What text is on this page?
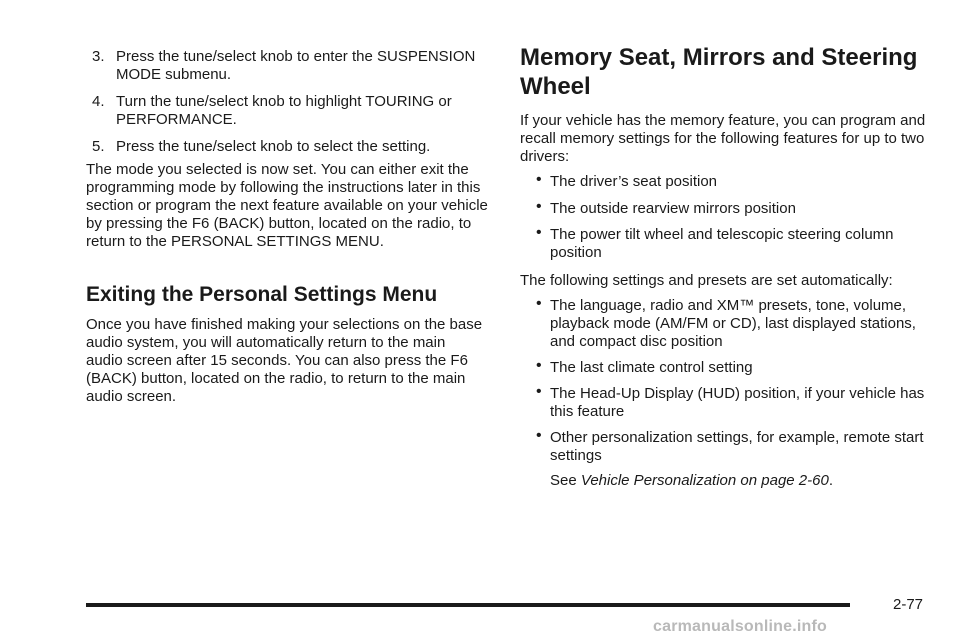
3. Press the tune/select knob to enter the SUSPENSION MODE submenu.
4. Turn the tune/select knob to highlight TOURING or PERFORMANCE.
5. Press the tune/select knob to select the setting.
The mode you selected is now set. You can either exit the programming mode by following the instructions later in this section or program the next feature available on your vehicle by pressing the F6 (BACK) button, located on the radio, to return to the PERSONAL SETTINGS MENU.
Exiting the Personal Settings Menu
Once you have finished making your selections on the base audio system, you will automatically return to the main audio screen after 15 seconds. You can also press the F6 (BACK) button, located on the radio, to return to the main audio screen.
Memory Seat, Mirrors and Steering Wheel
If your vehicle has the memory feature, you can program and recall memory settings for the following features for up to two drivers:
• The driver’s seat position
• The outside rearview mirrors position
• The power tilt wheel and telescopic steering column position
The following settings and presets are set automatically:
• The language, radio and XM™ presets, tone, volume, playback mode (AM/FM or CD), last displayed stations, and compact disc position
• The last climate control setting
• The Head-Up Display (HUD) position, if your vehicle has this feature
• Other personalization settings, for example, remote start settings
See Vehicle Personalization on page 2-60.
2-77
carmanualsonline.info
